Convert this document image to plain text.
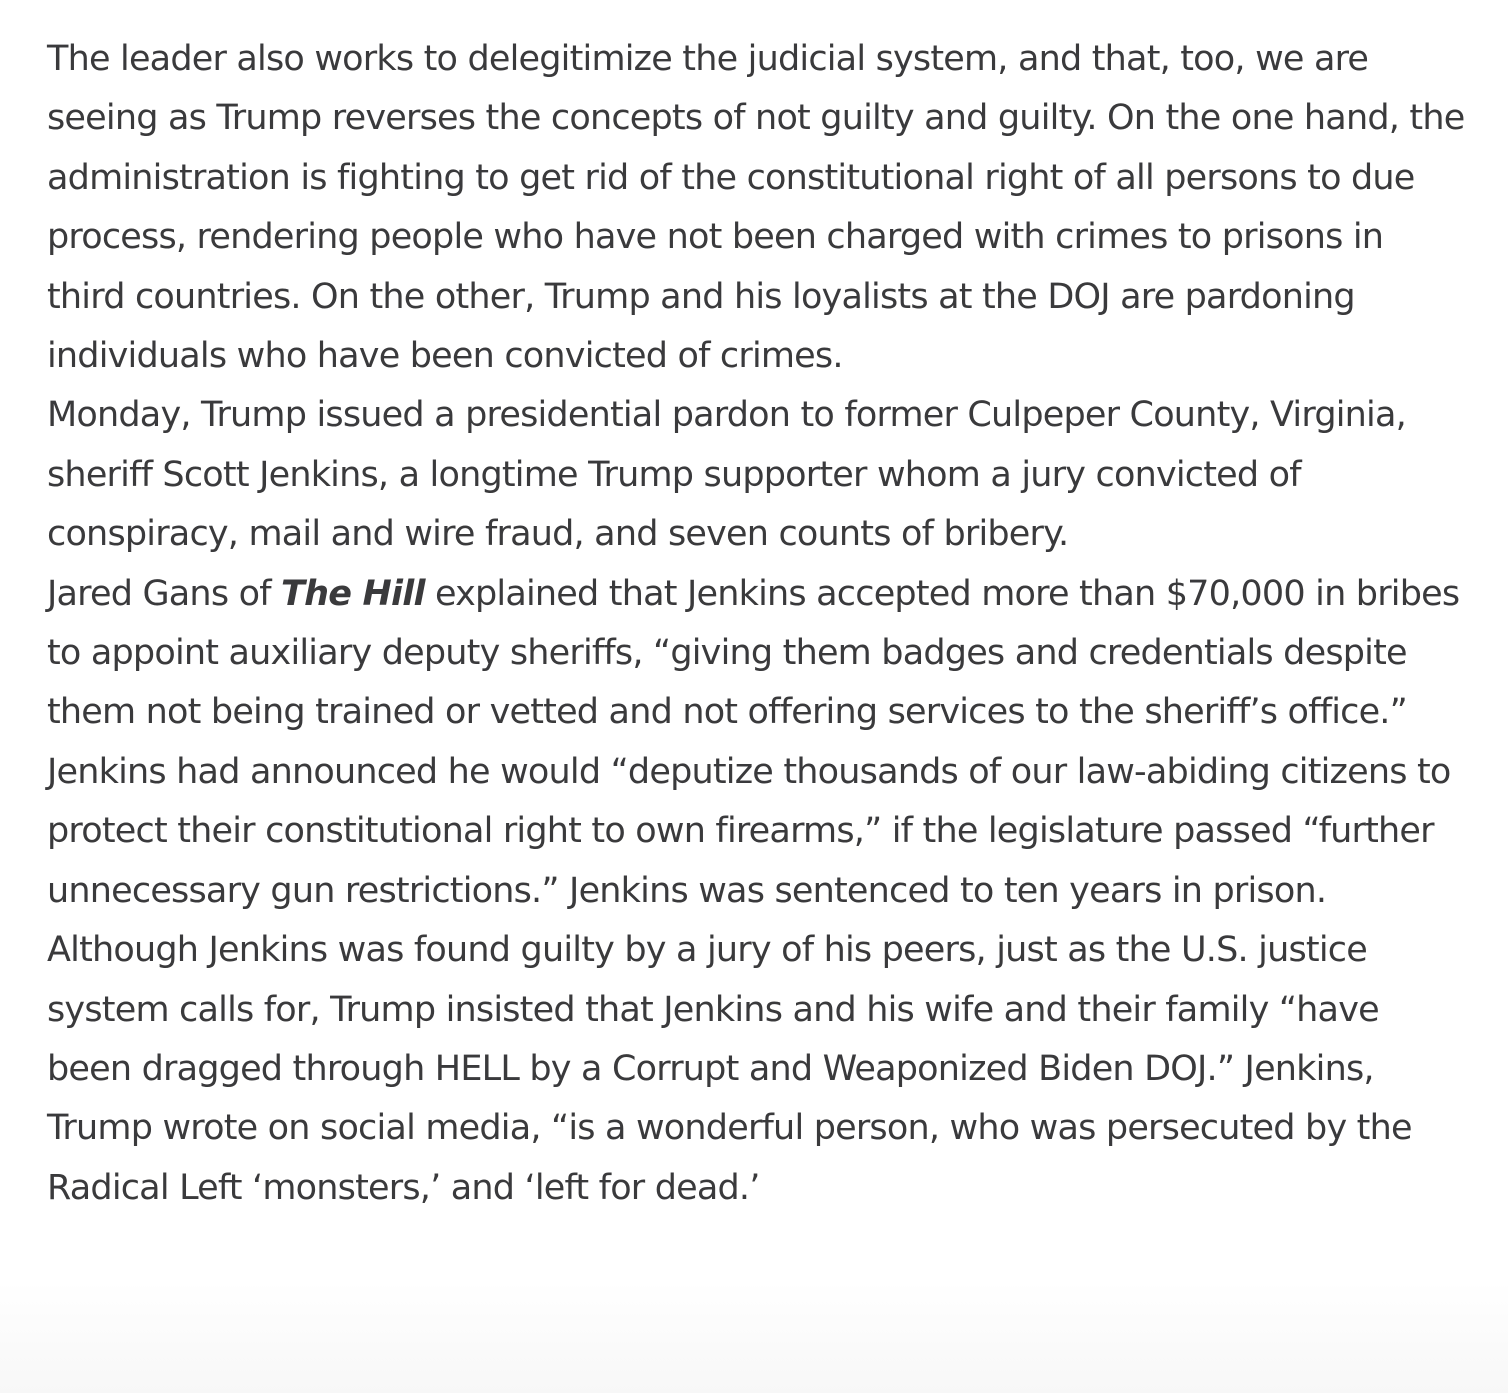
The leader also works to delegitimize the judicial system, and that, too, we are seeing as Trump reverses the concepts of not guilty and guilty. On the one hand, the administration is fighting to get rid of the constitutional right of all persons to due process, rendering people who have not been charged with crimes to prisons in third countries. On the other, Trump and his loyalists at the DOJ are pardoning individuals who have been convicted of crimes.

Monday, Trump issued a presidential pardon to former Culpeper County, Virginia, sheriff Scott Jenkins, a longtime Trump supporter whom a jury convicted of conspiracy, mail and wire fraud, and seven counts of bribery.

Jared Gans of The Hill explained that Jenkins accepted more than $70,000 in bribes to appoint auxiliary deputy sheriffs, “giving them badges and credentials despite them not being trained or vetted and not offering services to the sheriff’s office.” Jenkins had announced he would “deputize thousands of our law-abiding citizens to protect their constitutional right to own firearms,” if the legislature passed “further unnecessary gun restrictions.” Jenkins was sentenced to ten years in prison.

Although Jenkins was found guilty by a jury of his peers, just as the U.S. justice system calls for, Trump insisted that Jenkins and his wife and their family “have been dragged through HELL by a Corrupt and Weaponized Biden DOJ.” Jenkins, Trump wrote on social media, “is a wonderful person, who was persecuted by the Radical Left ‘monsters,’ and ‘left for dead.’
